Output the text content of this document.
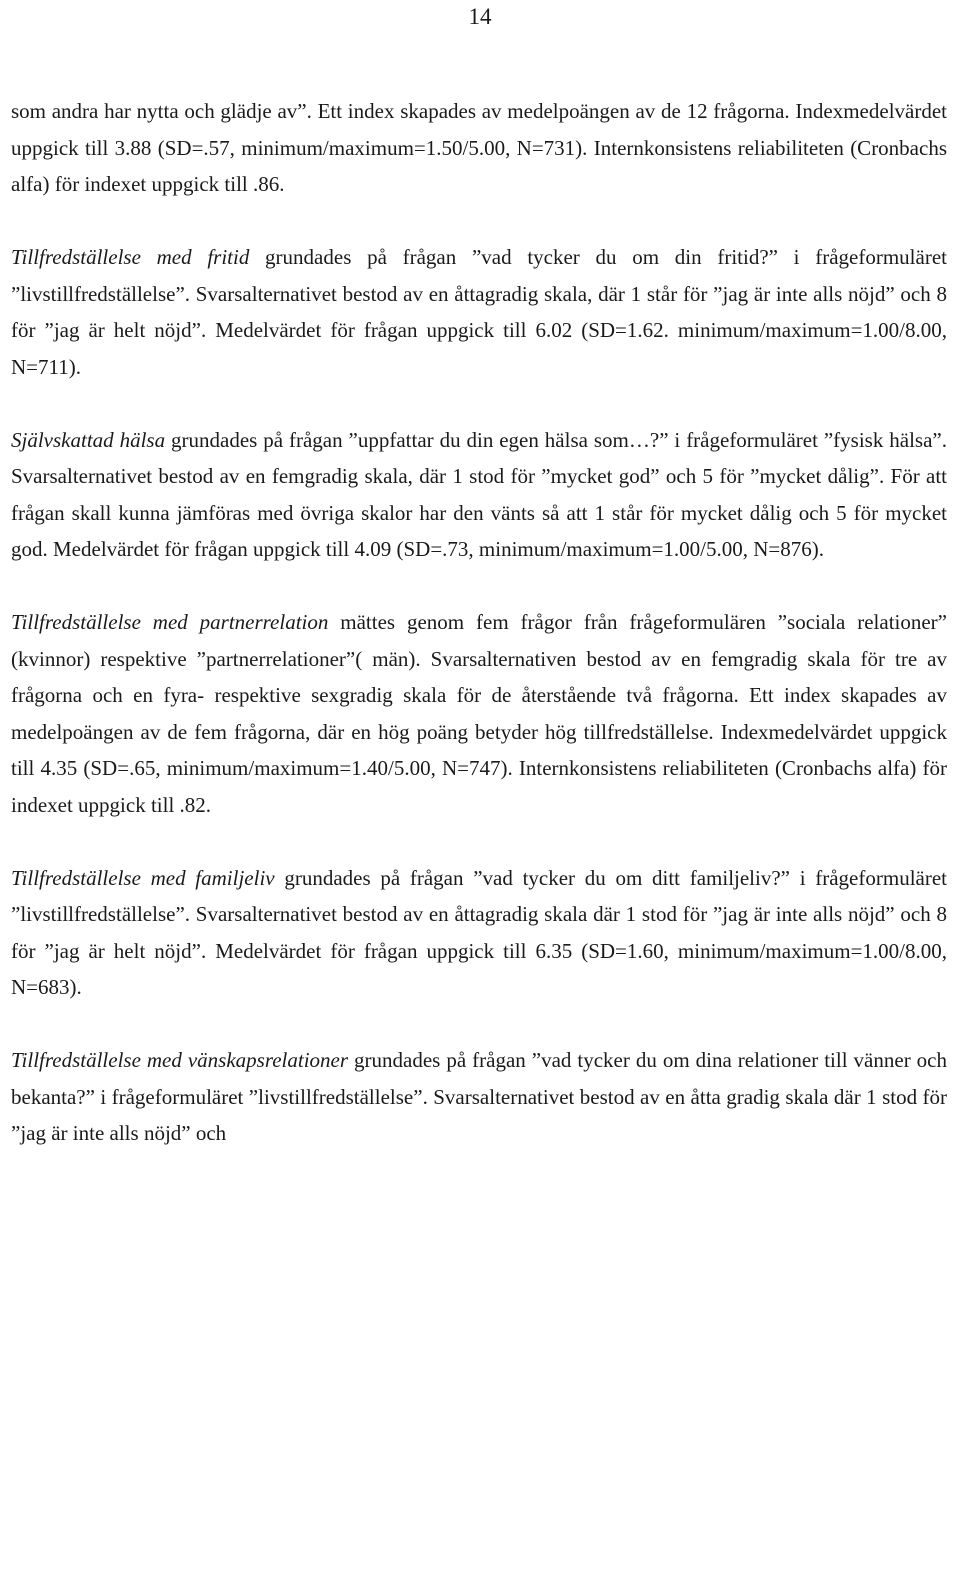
14

som andra har nytta och glädje av”. Ett index skapades av medelpoängen av de 12 frågorna. Indexmedelvärdet uppgick till 3.88 (SD=.57, minimum/maximum=1.50/5.00, N=731). Internkonsistens reliabiliteten (Cronbachs alfa) för indexet uppgick till .86.

Tillfredställelse med fritid grundades på frågan ”vad tycker du om din fritid?” i frågeformuläret ”livstillfredställelse”. Svarsalternativet bestod av en åttagradig skala, där 1 står för ”jag är inte alls nöjd” och 8 för ”jag är helt nöjd”. Medelvärdet för frågan uppgick till 6.02 (SD=1.62. minimum/maximum=1.00/8.00, N=711).

Självskattad hälsa grundades på frågan ”uppfattar du din egen hälsa som…?” i frågeformuläret ”fysisk hälsa”. Svarsalternativet bestod av en femgradig skala, där 1 stod för ”mycket god” och 5 för ”mycket dålig”. För att frågan skall kunna jämföras med övriga skalor har den vänts så att 1 står för mycket dålig och 5 för mycket god. Medelvärdet för frågan uppgick till 4.09 (SD=.73, minimum/maximum=1.00/5.00, N=876).

Tillfredställelse med partnerrelation mättes genom fem frågor från frågeformulären ”sociala relationer” (kvinnor) respektive ”partnerrelationer”( män). Svarsalternativen bestod av en femgradig skala för tre av frågorna och en fyra- respektive sexgradig skala för de återstående två frågorna. Ett index skapades av medelpoängen av de fem frågorna, där en hög poäng betyder hög tillfredställelse. Indexmedelvärdet uppgick till 4.35 (SD=.65, minimum/maximum=1.40/5.00, N=747). Internkonsistens reliabiliteten (Cronbachs alfa) för indexet uppgick till .82.

Tillfredställelse med familjeliv grundades på frågan ”vad tycker du om ditt familjeliv?” i frågeformuläret ”livstillfredställelse”. Svarsalternativet bestod av en åttagradig skala där 1 stod för ”jag är inte alls nöjd” och 8 för ”jag är helt nöjd”. Medelvärdet för frågan uppgick till 6.35 (SD=1.60, minimum/maximum=1.00/8.00, N=683).

Tillfredställelse med vänskapsrelationer grundades på frågan ”vad tycker du om dina relationer till vänner och bekanta?” i frågeformuläret ”livstillfredställelse”. Svarsalternativet bestod av en åtta gradig skala där 1 stod för ”jag är inte alls nöjd” och
